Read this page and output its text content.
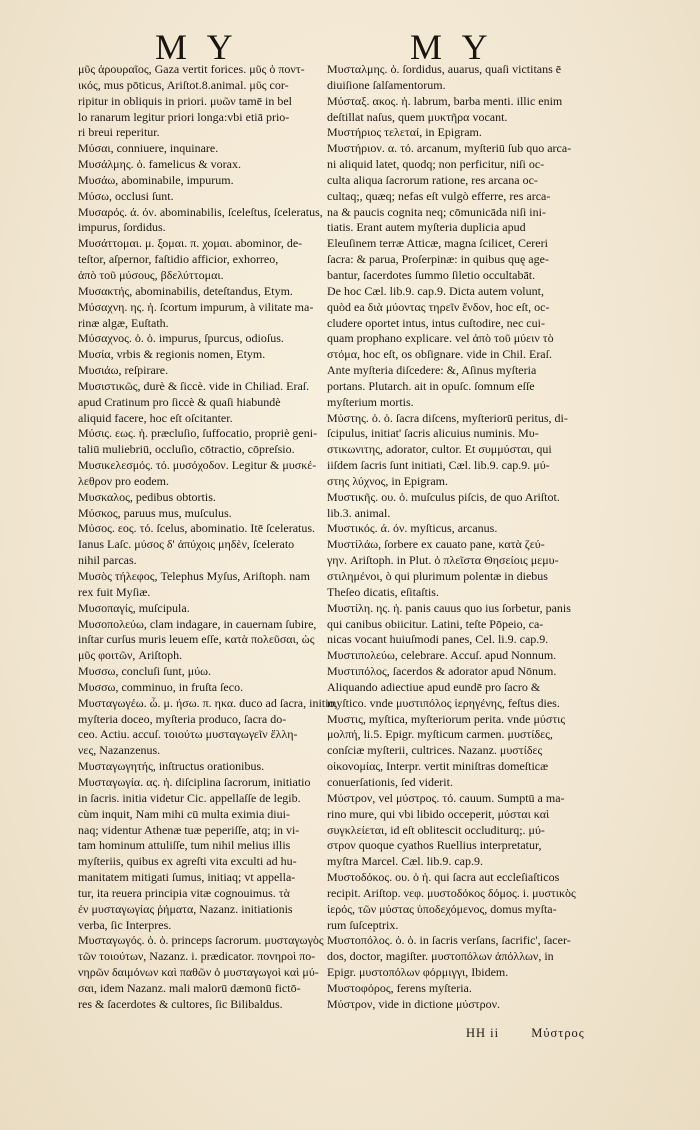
M Y	M Y
μῦς ἀρουραῖος, Gaza vertit forices. μῦς ὁ ποντ-
ικός, mus pōticus, Ariſtot.8.animal. μῦς cor-
ripitur in obliquis in priori. μυῶν tamē in bel
lo ranarum legitur priori longa:vbi etiā prio-
ri breui reperitur.
Μύσαι, conniuere, inquinare.
Μυσάλμης. ὁ. famelicus & vorax.
Μυσάω, abominabile, impurum.
Μύσω, occlusi ſunt.
Μυσαρός. ά. όν. abominabilis, ſceleſtus, ſceleratus,
impurus, ſordidus.
Μυσάττομαι. μ. ξομαι. π. χομαι. abominor, de-
teſtor, aſpernor, faſtidio afficior, exhorreo,
ἀπὸ τοῦ μύσους, βδελύττομαι.
Μυσακτής, abominabilis, deteſtandus, Etym.
Μύσαχνη. ης. ἡ. ſcortum impurum, à vilitate ma-
rinæ algæ, Euſtath.
Μύσαχνος. ὁ. ὁ. impurus, ſpurcus, odioſus.
Μυσία, vrbis & regionis nomen, Etym.
Μυσιάω, reſpirare.
Μυσιστικῶς, durè & ſiccè. vide in Chiliad. Eraſ.
apud Cratinum pro ſiccè & quaſi hiabundè
aliquid facere, hoc eſt oſcitanter.
Μύσις. εως. ἡ. præcluſio, ſuffocatio, propriè geni-
taliū muliebriū, occluſio, cōtractio, cōpreſsio.
Μυσικελεσμός. τό. μυσόχοδον. Legitur & μυσκέ-
λεθρον pro eodem.
Μυσκαλος, pedibus obtortis.
Μύσκος, paruus mus, muſculus.
Μύσος. εος. τό. ſcelus, abominatio. Itē ſceleratus.
Ianus Laſc. μύσος δ' ἀπύχοις μηδὲν, ſcelerato
nihil parcas.
Μυσὸς τήλεφος, Telephus Myſus, Ariſtoph. nam
rex fuit Myſiæ.
Μυσοπαγίς, muſcipula.
Μυσοπολεύω, clam indagare, in cauernam ſubire,
inſtar curſus muris leuem eſſe, κατὰ πολεῦσαι, ὡς
μῦς φοιτῶν, Ariſtoph.
Μυσσω, concluſi ſunt, μύω.
Μυσσω, comminuo, in fruſta ſeco.
Μυσταγωγέω. ὦ. μ. ήσω. π. ηκα. duco ad ſacra, initio,
myſteria doceo, myſteria produco, ſacra do-
ceo. Actiu. accuſ. τοιούτω μυσταγωγεῖν ἕλλη-
νες, Nazanzenus.
Μυσταγωγητής, inſtructus orationibus.
Μυσταγωγία. ας. ἡ. diſciplina ſacrorum, initiatio
in ſacris. initia videtur Cic. appellaſſe de legib.
cùm inquit, Nam mihi cū multa eximia diui-
naq; videntur Athenæ tuæ peperiſſe, atq; in vi-
tam hominum attuliſſe, tum nihil melius illis
myſteriis, quibus ex agreſti vita exculti ad hu-
manitatem mitigati ſumus, initiaq; vt appella-
tur, ita reuera principia vitæ cognouimus. τὰ
ἐν μυσταγωγίας ῥήματα, Nazanz. initiationis
verba, ſic Interpres.
Μυσταγωγός. ὁ. ὁ. princeps ſacrorum. μυσταγωγὸς
τῶν τοιούτων, Nazanz. i. prædicator. πονηροὶ πο-
νηρῶν δαιμόνων καὶ παθῶν ὁ μυσταγωγοὶ καὶ μύ-
σαι, idem Nazanz. mali malorū dæmonū fictō-
res & ſacerdotes & cultores, ſic Bilibaldus.
Μυσταλμης. ὁ. ſordidus, auarus, quaſi victitans ē
diuiſione ſalſamentorum.
Μύσταξ. ακος. ἡ. labrum, barba menti. illic enim
deſtillat naſus, quem μυκτῆρα vocant.
Μυστήριος τελεταί, in Epigram.
Μυστήριον. α. τό. arcanum, myſteriū ſub quo arca-
ni aliquid latet, quodq; non perficitur, niſi oc-
culta aliqua ſacrorum ratione, res arcana oc-
cultaq;, quæq; nefas eſt vulgò efferre, res arca-
na & paucis cognita neq; cōmunicāda niſi ini-
tiatis. Erant autem myſteria duplicia apud
Eleuſinem terræ Atticæ, magna ſcilicet, Cereri
ſacra: & parua, Proſerpinæ: in quibus quę age-
bantur, ſacerdotes ſummo ſiletio occultabāt.
De hoc Cæl. lib.9. cap.9. Dicta autem volunt,
quòd ea διὰ μύοντας τηρεῖν ἔνδον, hoc eſt, oc-
cludere oportet intus, intus cuſtodire, nec cui-
quam prophano explicare. vel ἀπὸ τοῦ μύειν τὸ
στόμα, hoc eſt, os obſignare. vide in Chil. Eraſ.
Ante myſteria diſcedere: &, Aſinus myſteria
portans. Plutarch. ait in opuſc. ſomnum eſſe
myſterium mortis.
Μύστης. ὁ. ὁ. ſacra diſcens, myſteriorū peritus, di-
ſcipulus, initiat' ſacris alicuius numinis. Μυ-
στικωνιτης, adorator, cultor. Et συμμύσται, qui
iiſdem ſacris ſunt initiati, Cæl. lib.9. cap.9. μύ-
στης λύχνος, in Epigram.
Μυστικῆς. ου. ὁ. muſculus piſcis, de quo Ariſtot.
lib.3. animal.
Μυστικός. ά. όν. myſticus, arcanus.
Μυστίλάω, ſorbere ex cauato pane, κατὰ ζεύ-
γην. Ariſtoph. in Plut. ὁ πλεῖστα Θησείοις μεμυ-
στιλημένοι, ò qui plurimum polentæ in diebus
Theſeo dicatis, eſitaſtis.
Μυστίλη. ης. ἡ. panis cauus quo ius ſorbetur, panis
qui canibus obiicitur. Latini, teſte Pōpeio, ca-
nicas vocant huiuſmodi panes, Cel. li.9. cap.9.
Μυστιπολεύω, celebrare. Accuſ. apud Nonnum.
Μυστιπόλος, ſacerdos & adorator apud Nōnum.
Aliquando adiectiue apud eundē pro ſacro &
myſtico. vnde μυστιπόλος ἱερηγένης, feſtus dies.
Μυστις, myſtica, myſteriorum perita. vnde μύστις
μολπή, li.5. Epigr. myſticum carmen. μυστίδες,
conſciæ myſterii, cultrices. Nazanz. μυστίδες
οἰκονομίας, Interpr. vertit miniſtras domeſticæ
conuerſationis, ſed viderit.
Μύστρον, vel μύστρος. τό. cauum. Sumptū a ma-
rino mure, qui vbi libido occeperit, μύσται καὶ
συγκλείεται, id eſt oblitescit occluditurq;. μύ-
στρον quoque cyathos Ruellius interpretatur,
myſtra Marcel. Cæl. lib.9. cap.9.
Μυστοδόκος. ου. ὁ ἡ. qui ſacra aut eccleſiaſticos
recipit. Ariſtop. νεφ. μυστοδόκος δόμος. i. μυστικὸς
ἱερός, τῶν μύστας ὑποδεχόμενος, domus myſta-
rum ſuſceptrix.
Μυστοπόλος. ὁ. ὁ. in ſacris verſans, ſacrific', ſacer-
dos, doctor, magiſter. μυστοπόλων ἀπόλλων, in
Epigr. μυστοπόλων φόρμιγγι, Ibidem.
Μυστοφόρος, ferens myſteria.
Μύστρον, vide in dictione μύστρον.
HH ii	Μύστρος
